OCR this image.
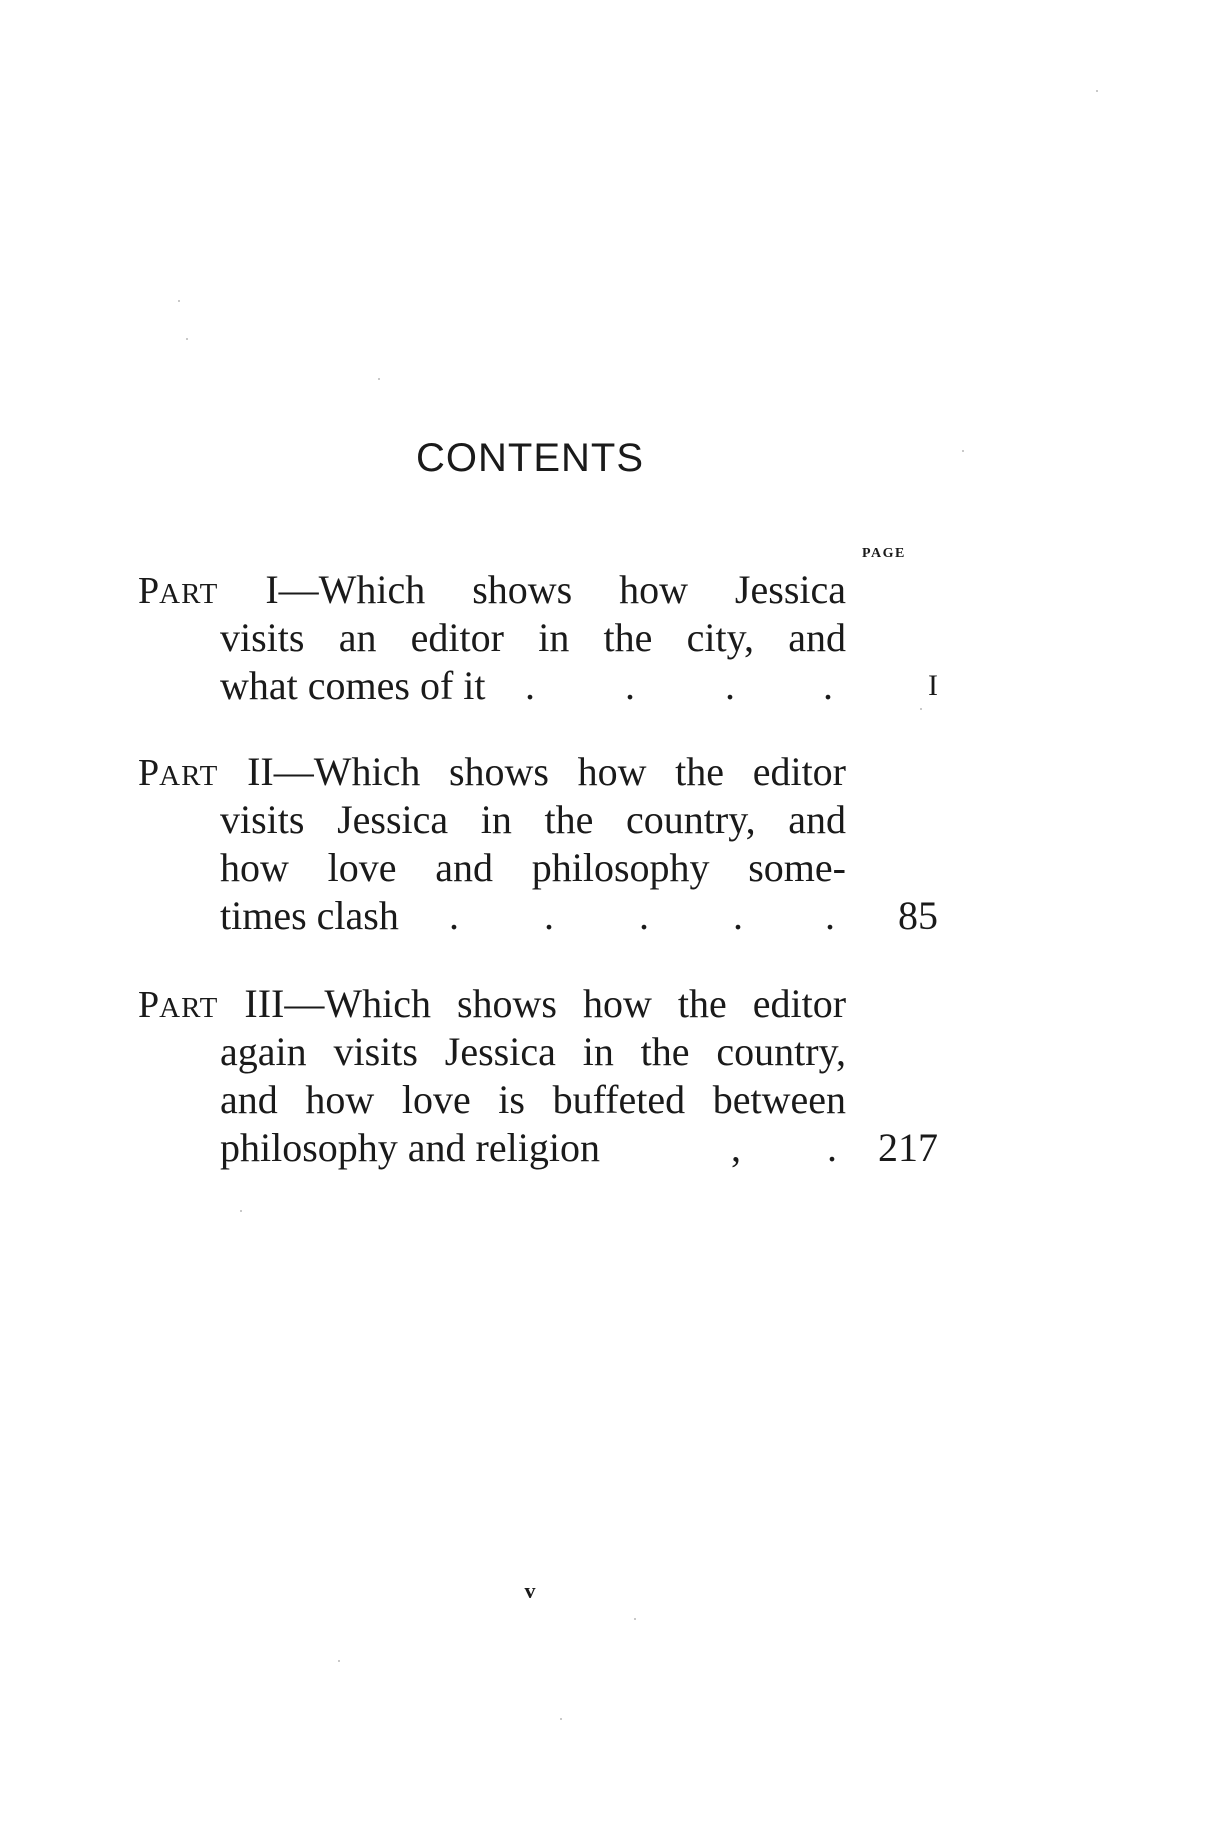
CONTENTS
PAGE
PART I—Which shows how Jessica
visits an editor in the city, and
what comes of it . . . .	I
PART II—Which shows how the editor
visits Jessica in the country, and
how love and philosophy some-
times clash . . . . .	85
PART III—Which shows how the editor
again visits Jessica in the country,
and how love is buffeted between
philosophy and religion	, . 217
v
